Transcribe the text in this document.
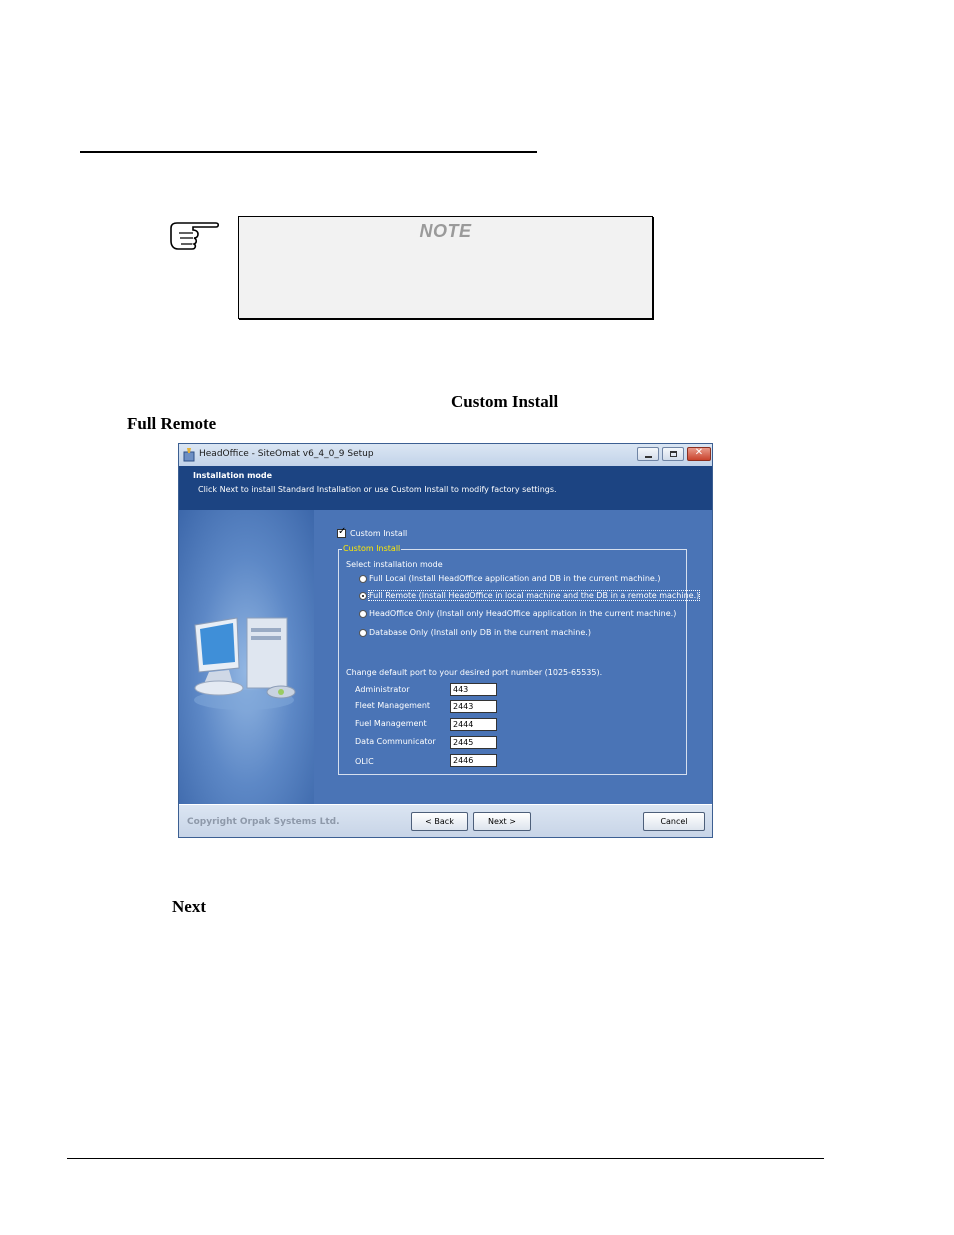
NOTE
Custom Install
Full Remote
HeadOffice - SiteOmat v6_4_0_9 Setup	✕
Installation mode
Click Next to install Standard Installation or use Custom Install to modify factory settings.
✓ Custom Install
Custom Install
Select installation mode
Full Local (Install HeadOffice application and DB in the current machine.)
Full Remote (Install HeadOffice in local machine and the DB in a remote machine.)
HeadOffice Only (Install only HeadOffice application in the current machine.)
Database Only (Install only DB in the current machine.)
Change default port to your desired port number (1025-65535).
Administrator	443
Fleet Management	2443
Fuel Management	2444
Data Communicator	2445
OLIC	2446
Copyright Orpak Systems Ltd.	< Back	Next >	Cancel
Next
